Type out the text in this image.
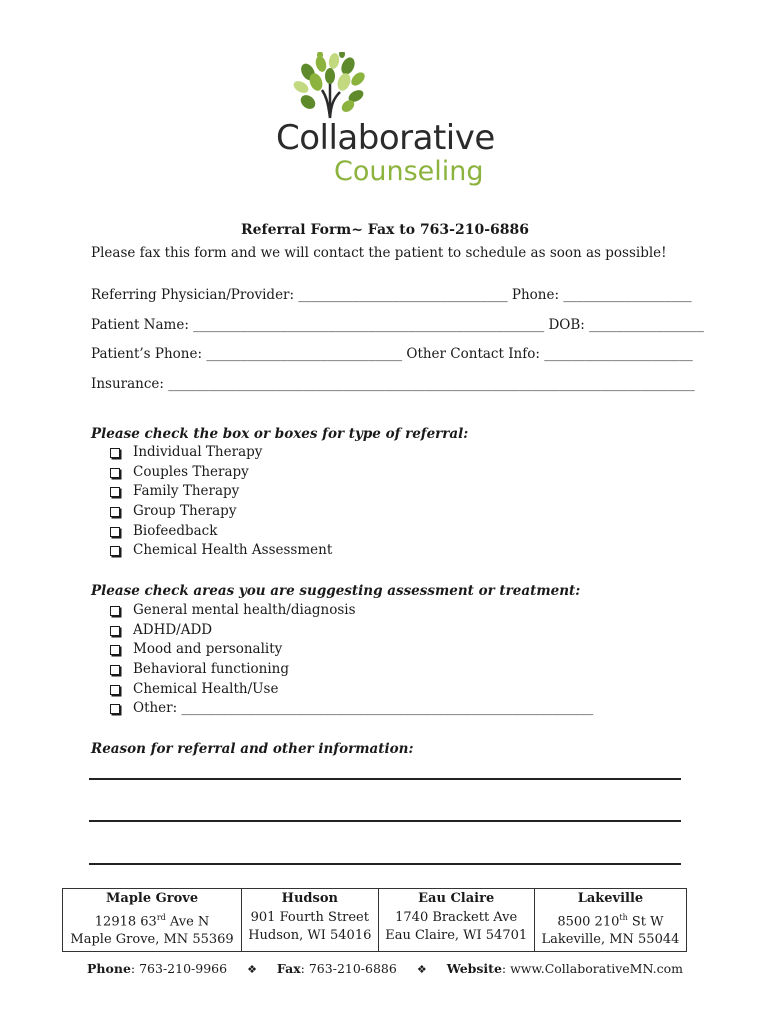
Collaborative
Counseling
Referral Form~ Fax to 763-210-6886
Please fax this form and we will contact the patient to schedule as soon as possible!
Referring Physician/Provider: _______________________________ Phone: ___________________
Patient Name: ____________________________________________________ DOB: _________________
Patient’s Phone: _____________________________ Other Contact Info: ______________________
Insurance: ______________________________________________________________________________
Please check the box or boxes for type of referral:
Individual Therapy
Couples Therapy
Family Therapy
Group Therapy
Biofeedback
Chemical Health Assessment
Please check areas you are suggesting assessment or treatment:
General mental health/diagnosis
ADHD/ADD
Mood and personality
Behavioral functioning
Chemical Health/Use
Other:
_____________________________________________________________
Reason for referral and other information:
Maple Grove
12918 63rd Ave N
Maple Grove, MN 55369

Hudson
901 Fourth Street
Hudson, WI 54016

Eau Claire
1740 Brackett Ave
Eau Claire, WI 54701

Lakeville
8500 210th St W
Lakeville, MN 55044
Phone: 763-210-9966 ❖ Fax: 763-210-6886 ❖ Website: www.CollaborativeMN.com
